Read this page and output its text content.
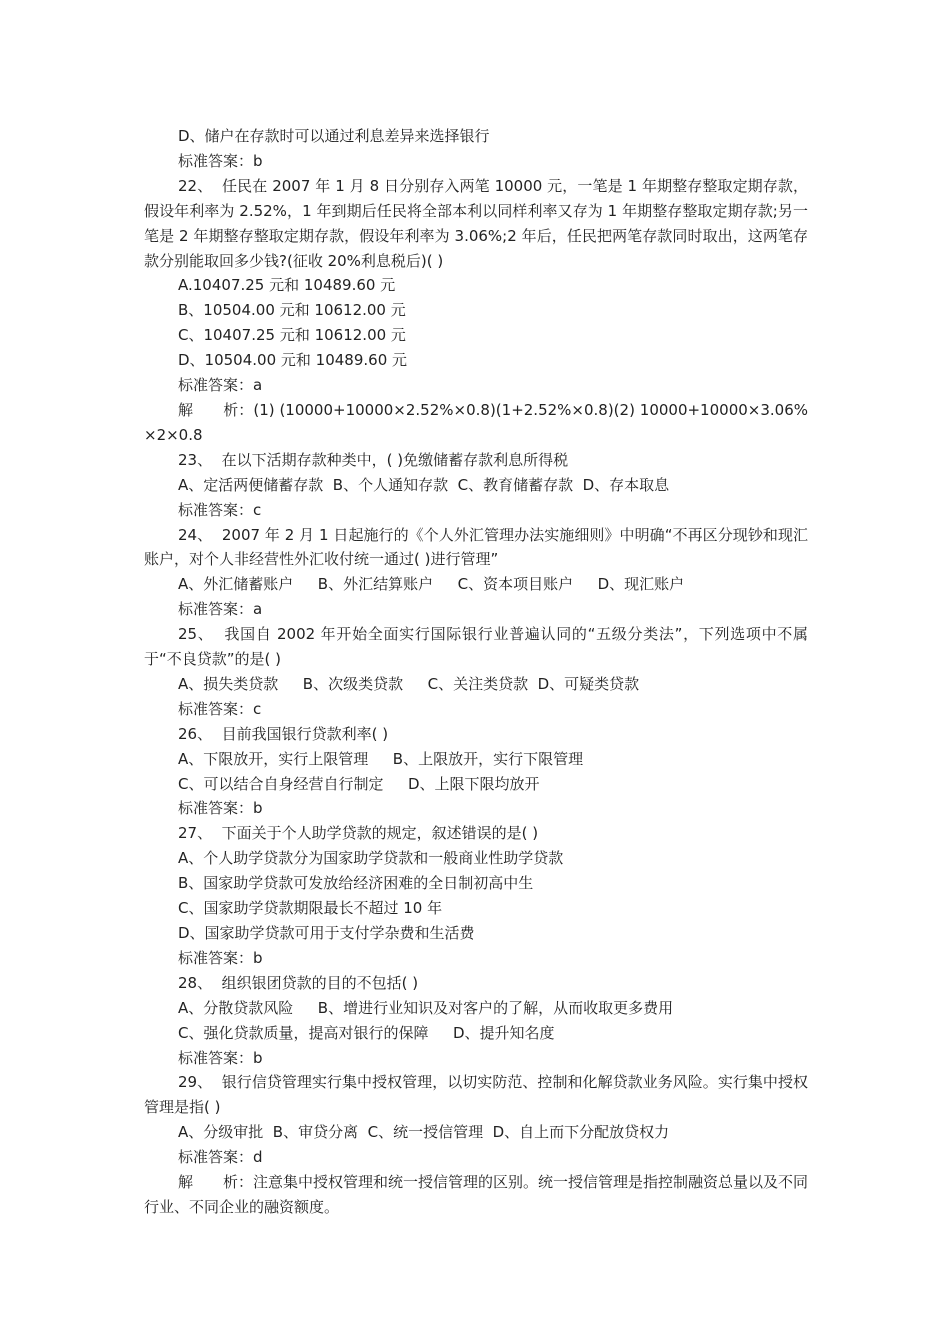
D、储户在存款时可以通过利息差异来选择银行

标准答案：b

22、  任民在 2007 年 1 月 8 日分别存入两笔 10000 元，一笔是 1 年期整存整取定期存款，假设年利率为 2.52%，1 年到期后任民将全部本利以同样利率又存为 1 年期整存整取定期存款;另一笔是 2 年期整存整取定期存款，假设年利率为 3.06%;2 年后，任民把两笔存款同时取出，这两笔存款分别能取回多少钱?(征收 20%利息税后)( )

A.10407.25 元和 10489.60 元

B、10504.00 元和 10612.00 元

C、10407.25 元和 10612.00 元

D、10504.00 元和 10489.60 元

标准答案：a

解　　析：(1) (10000+10000×2.52%×0.8)(1+2.52%×0.8)(2) 10000+10000×3.06%×2×0.8

23、  在以下活期存款种类中，( )免缴储蓄存款利息所得税

A、定活两便储蓄存款  B、个人通知存款  C、教育储蓄存款  D、存本取息

标准答案：c

24、  2007 年 2 月 1 日起施行的《个人外汇管理办法实施细则》中明确“不再区分现钞和现汇账户，对个人非经营性外汇收付统一通过( )进行管理”

A、外汇储蓄账户　  B、外汇结算账户　  C、资本项目账户　  D、现汇账户

标准答案：a

25、  我国自 2002 年开始全面实行国际银行业普遍认同的“五级分类法”，下列选项中不属于“不良贷款”的是( )

A、损失类贷款　  B、次级类贷款　  C、关注类贷款  D、可疑类贷款

标准答案：c

26、  目前我国银行贷款利率( )

A、下限放开，实行上限管理　  B、上限放开，实行下限管理

C、可以结合自身经营自行制定　  D、上限下限均放开

标准答案：b

27、  下面关于个人助学贷款的规定，叙述错误的是( )

A、个人助学贷款分为国家助学贷款和一般商业性助学贷款

B、国家助学贷款可发放给经济困难的全日制初高中生

C、国家助学贷款期限最长不超过 10 年

D、国家助学贷款可用于支付学杂费和生活费

标准答案：b

28、  组织银团贷款的目的不包括( )

A、分散贷款风险　  B、增进行业知识及对客户的了解，从而收取更多费用

C、强化贷款质量，提高对银行的保障　  D、提升知名度

标准答案：b

29、  银行信贷管理实行集中授权管理，以切实防范、控制和化解贷款业务风险。实行集中授权管理是指( )

A、分级审批  B、审贷分离  C、统一授信管理  D、自上而下分配放贷权力

标准答案：d

解　　析：注意集中授权管理和统一授信管理的区别。统一授信管理是指控制融资总量以及不同行业、不同企业的融资额度。
